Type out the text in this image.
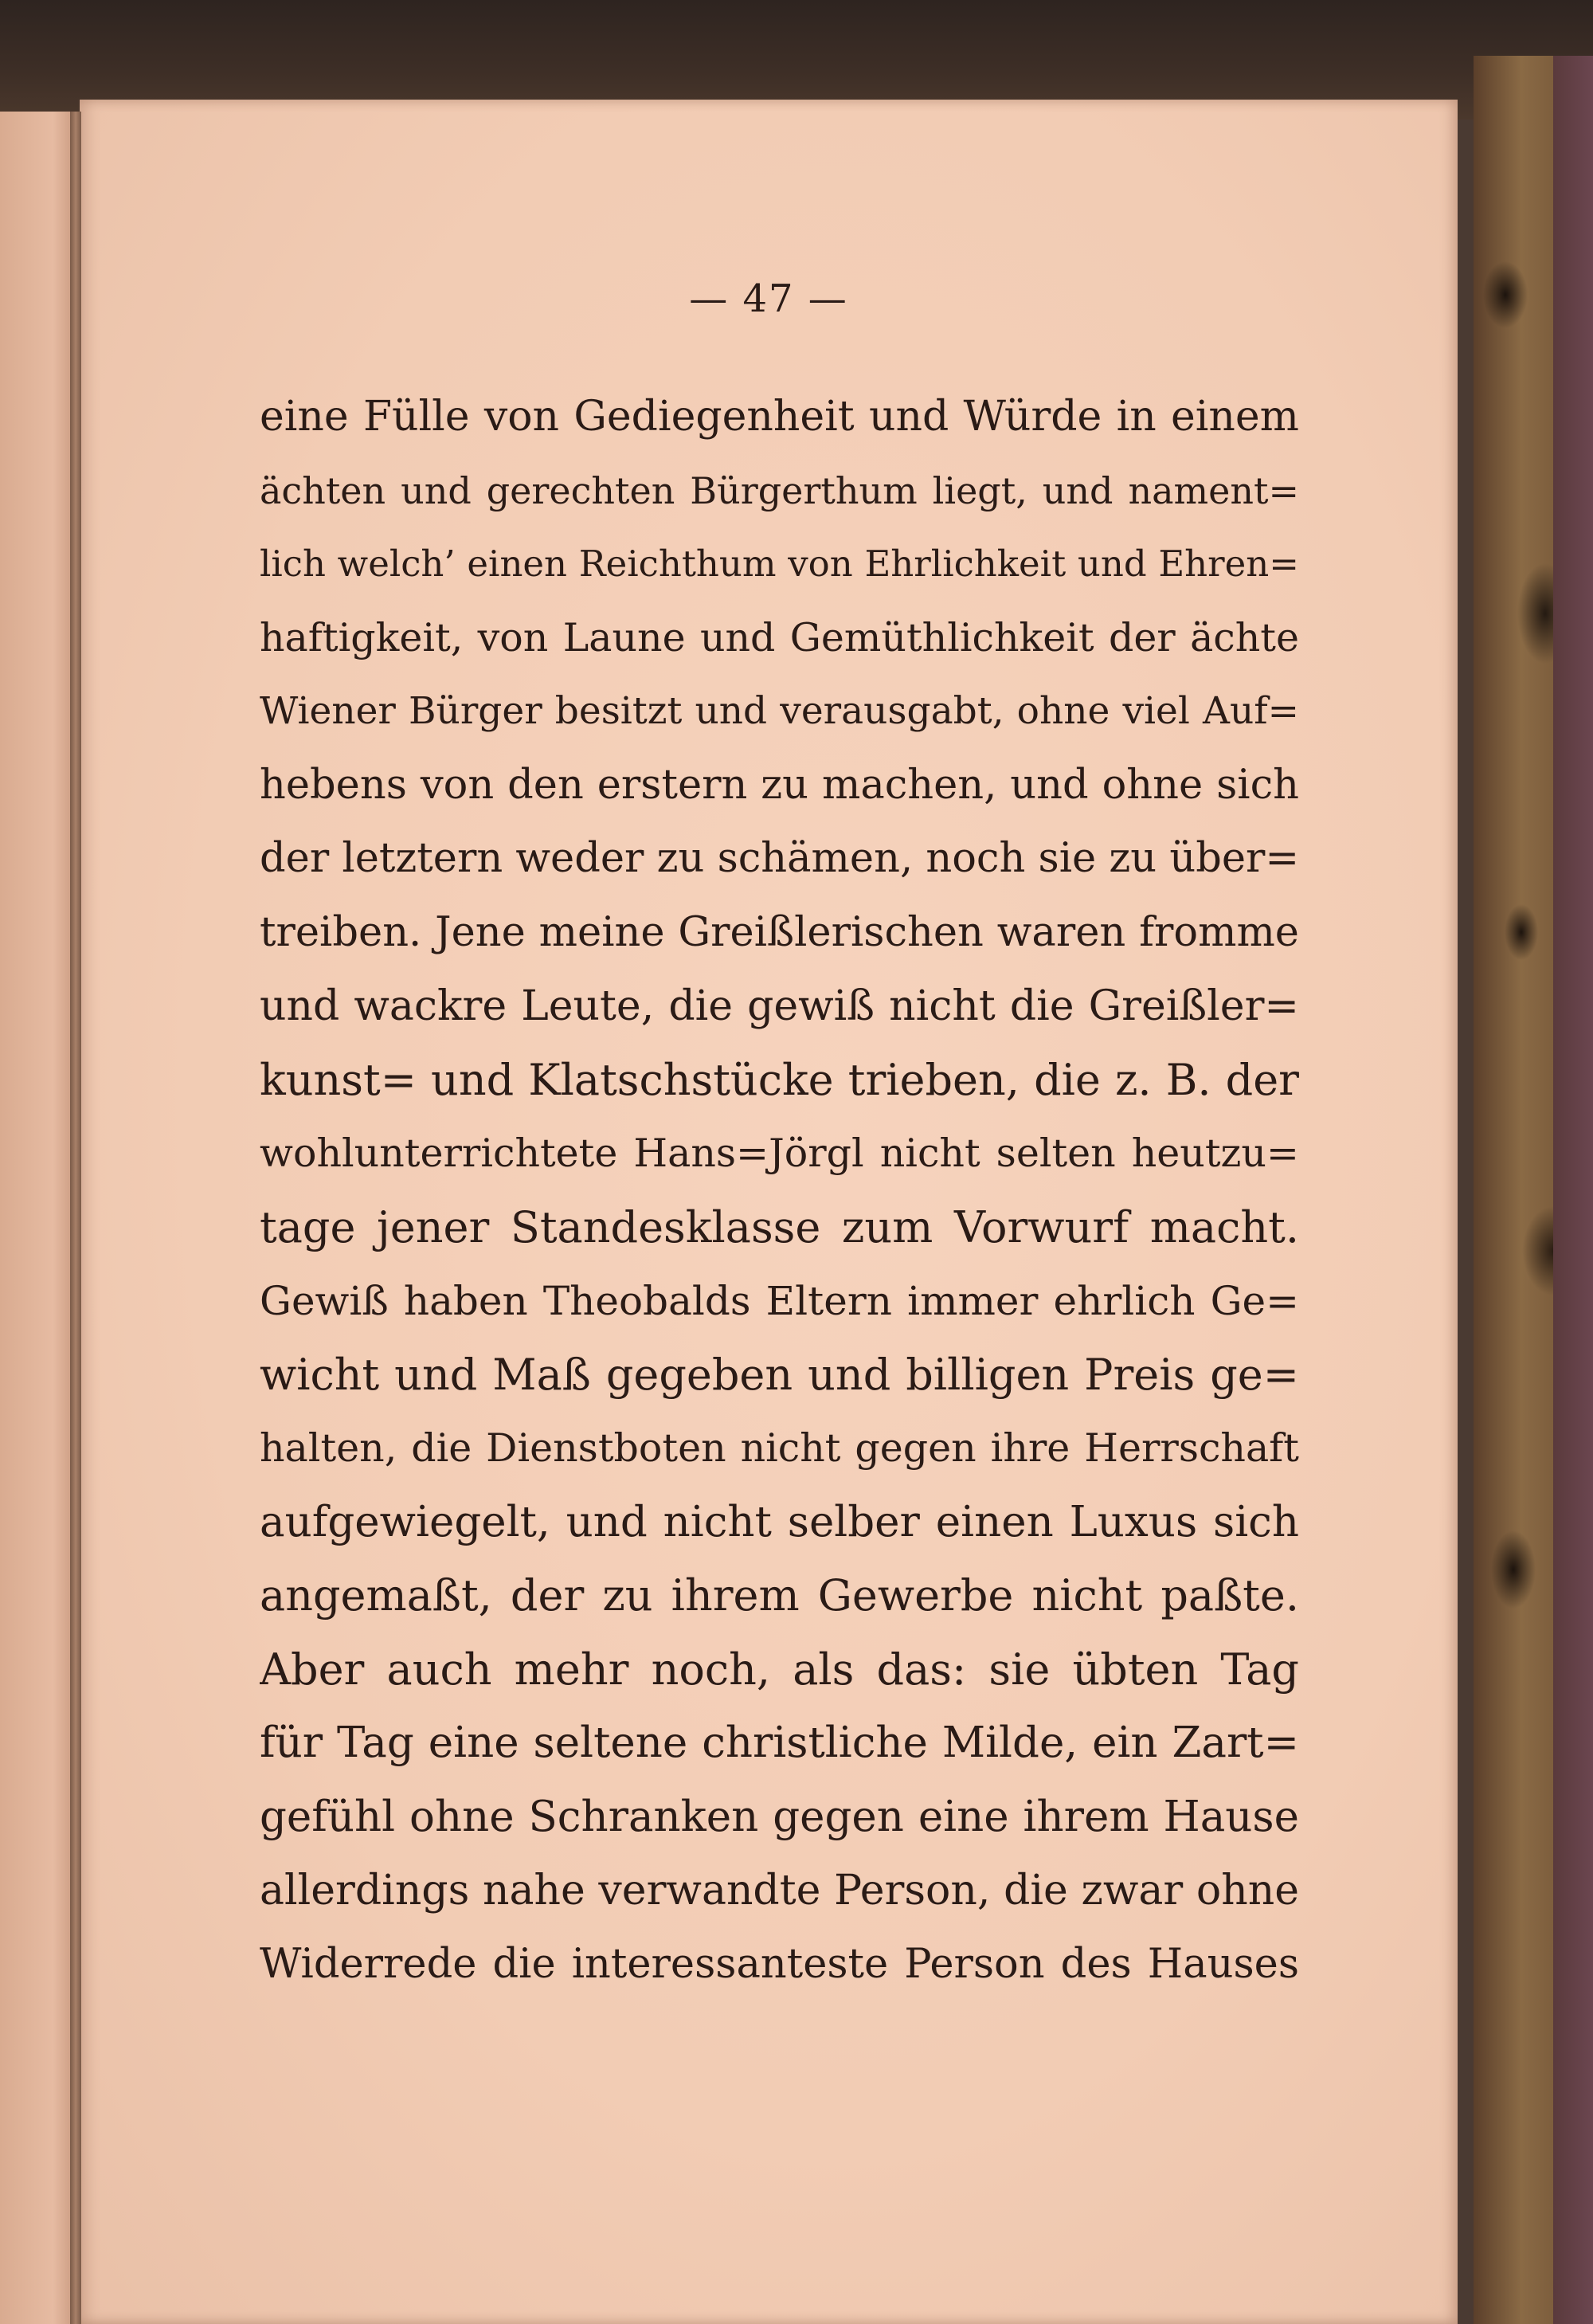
— 47 —
eine Fülle von Gediegenheit und Würde in einem
ächten und gerechten Bürgerthum liegt, und nament=
lich welch’ einen Reichthum von Ehrlichkeit und Ehren=
haftigkeit, von Laune und Gemüthlichkeit der ächte
Wiener Bürger besitzt und verausgabt, ohne viel Auf=
hebens von den erstern zu machen, und ohne sich
der letztern weder zu schämen, noch sie zu über=
treiben. Jene meine Greißlerischen waren fromme
und wackre Leute, die gewiß nicht die Greißler=
kunst= und Klatschstücke trieben, die z. B. der
wohlunterrichtete Hans=Jörgl nicht selten heutzu=
tage jener Standesklasse zum Vorwurf macht.
Gewiß haben Theobalds Eltern immer ehrlich Ge=
wicht und Maß gegeben und billigen Preis ge=
halten, die Dienstboten nicht gegen ihre Herrschaft
aufgewiegelt, und nicht selber einen Luxus sich
angemaßt, der zu ihrem Gewerbe nicht paßte.
Aber auch mehr noch, als das: sie übten Tag
für Tag eine seltene christliche Milde, ein Zart=
gefühl ohne Schranken gegen eine ihrem Hause
allerdings nahe verwandte Person, die zwar ohne
Widerrede die interessanteste Person des Hauses
